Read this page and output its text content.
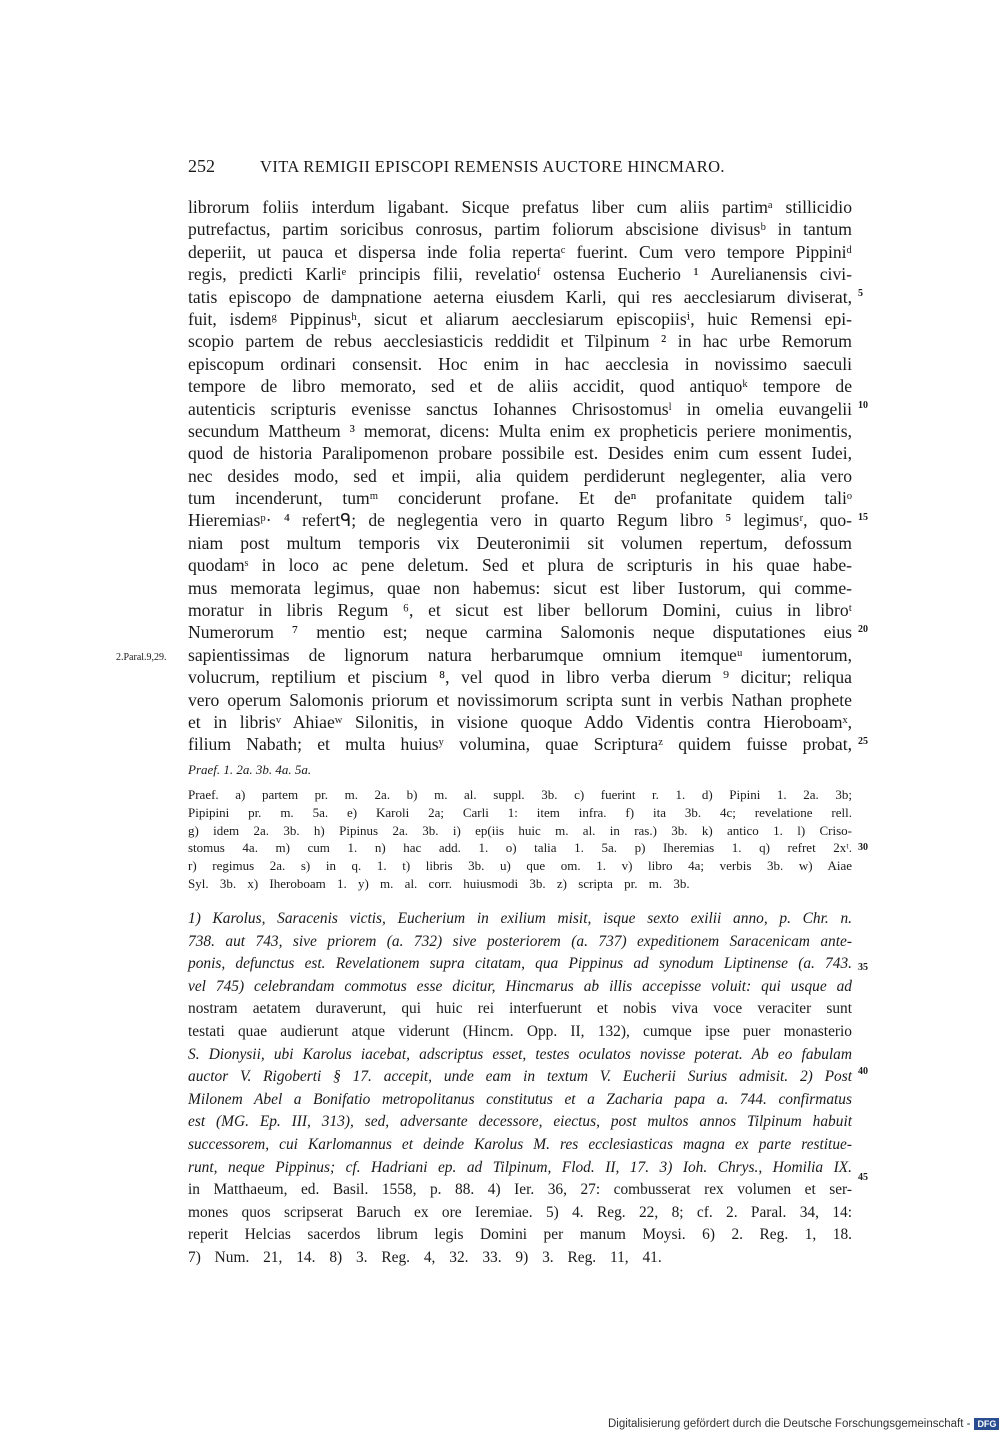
252	VITA REMIGII EPISCOPI REMENSIS AUCTORE HINCMARO.
2.Paral.9,29.
librorum foliis interdum ligabant. Sicque prefatus liber cum aliis partimᵃ stillicidio
putrefactus, partim soricibus conrosus, partim foliorum abscisione divisusᵇ in tantum
deperiit, ut pauca et dispersa inde folia repertaᶜ fuerint. Cum vero tempore Pippiniᵈ
regis, predicti Karliᵉ principis filii, revelatioᶠ ostensa Eucherio ¹ Aurelianensis civi-
tatis episcopo de dampnatione aeterna eiusdem Karli, qui res aecclesiarum diviserat,
fuit, isdemᵍ Pippinusʰ, sicut et aliarum aecclesiarum episcopiisⁱ, huic Remensi epi-
scopio partem de rebus aecclesiasticis reddidit et Tilpinum ² in hac urbe Remorum
episcopum ordinari consensit. Hoc enim in hac aecclesia in novissimo saeculi
tempore de libro memorato, sed et de aliis accidit, quod antiquoᵏ tempore de
autenticis scripturis evenisse sanctus Iohannes Chrisostomusˡ in omelia euvangelii
secundum Mattheum ³ memorat, dicens: Multa enim ex propheticis periere monimentis,
quod de historia Paralipomenon probare possibile est. Desides enim cum essent Iudei,
nec desides modo, sed et impii, alia quidem perdiderunt neglegenter, alia vero
tum incenderunt, tumᵐ conciderunt profane. Et deⁿ profanitate quidem taliᵒ
Hieremiasᵖ· ⁴ refertᑫ; de neglegentia vero in quarto Regum libro ⁵ legimusʳ, quo-
niam post multum temporis vix Deuteronimii sit volumen repertum, defossum
quodamˢ in loco ac pene deletum. Sed et plura de scripturis in his quae habe-
mus memorata legimus, quae non habemus: sicut est liber Iustorum, qui comme-
moratur in libris Regum ⁶, et sicut est liber bellorum Domini, cuius in libroᵗ
Numerorum ⁷ mentio est; neque carmina Salomonis neque disputationes eius
sapientissimas de lignorum natura herbarumque omnium itemqueᵘ iumentorum,
volucrum, reptilium et piscium ⁸, vel quod in libro verba dierum ⁹ dicitur; reliqua
vero operum Salomonis priorum et novissimorum scripta sunt in verbis Nathan prophete
et in librisᵛ Ahiaeʷ Silonitis, in visione quoque Addo Videntis contra Hieroboamˣ,
filium Nabath; et multa huiusʸ volumina, quae Scripturaᶻ quidem fuisse probat,
5
10
15
20
25
Praef. 1. 2a. 3b. 4a. 5a.
Praef. a) partem pr. m. 2a. b) m. al. suppl. 3b. c) fuerint r. 1. d) Pipini 1. 2a. 3b;
Pipipini pr. m. 5a. e) Karoli 2a; Carli 1: item infra. f) ita 3b. 4c; revelatione rell.
g) idem 2a. 3b. h) Pipinus 2a. 3b. i) ep(iis huic m. al. in ras.) 3b. k) antico 1. l) Criso-
stomus 4a. m) cum 1. n) hac add. 1. o) talia 1. 5a. p) Iheremias 1. q) refret 2xᵗ.
r) regimus 2a. s) in q. 1. t) libris 3b. u) que om. 1. v) libro 4a; verbis 3b. w) Aiae
Syl. 3b. x) Iheroboam 1. y) m. al. corr. huiusmodi 3b. z) scripta pr. m. 3b.
30
1) Karolus, Saracenis victis, Eucherium in exilium misit, isque sexto exilii anno, p. Chr. n.
738. aut 743, sive priorem (a. 732) sive posteriorem (a. 737) expeditionem Saracenicam ante-
ponis, defunctus est. Revelationem supra citatam, qua Pippinus ad synodum Liptinense (a. 743.
vel 745) celebrandam commotus esse dicitur, Hincmarus ab illis accepisse voluit: qui usque ad
nostram aetatem duraverunt, qui huic rei interfuerunt et nobis viva voce veraciter sunt
testati quae audierunt atque viderunt (Hincm. Opp. II, 132), cumque ipse puer monasterio
S. Dionysii, ubi Karolus iacebat, adscriptus esset, testes oculatos novisse poterat. Ab eo fabulam
auctor V. Rigoberti § 17. accepit, unde eam in textum V. Eucherii Surius admisit. 2) Post
Milonem Abel a Bonifatio metropolitanus constitutus et a Zacharia papa a. 744. confirmatus
est (MG. Ep. III, 313), sed, adversante decessore, eiectus, post multos annos Tilpinum habuit
successorem, cui Karlomannus et deinde Karolus M. res ecclesiasticas magna ex parte restitue-
runt, neque Pippinus; cf. Hadriani ep. ad Tilpinum, Flod. II, 17. 3) Ioh. Chrys., Homilia IX.
in Matthaeum, ed. Basil. 1558, p. 88. 4) Ier. 36, 27: combusserat rex volumen et ser-
mones quos scripserat Baruch ex ore Ieremiae. 5) 4. Reg. 22, 8; cf. 2. Paral. 34, 14:
reperit Helcias sacerdos librum legis Domini per manum Moysi. 6) 2. Reg. 1, 18.
7) Num. 21, 14. 8) 3. Reg. 4, 32. 33. 9) 3. Reg. 11, 41.
35
40
45
Digitalisierung gefördert durch die Deutsche Forschungsgemeinschaft - DFG
